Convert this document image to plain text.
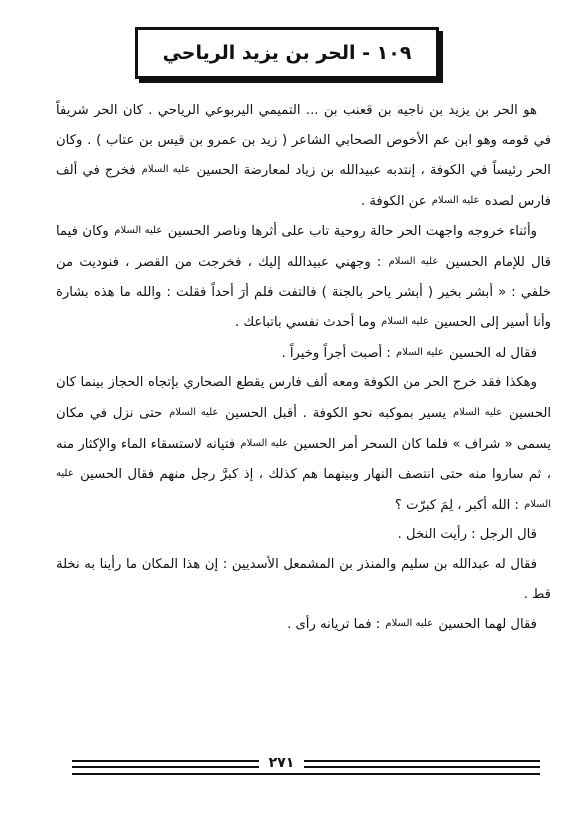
١٠٩ - الحر بن يزيد الرياحي

هو الحر بن يزيد بن ناجيه بن قعنب بن ... التميمي اليربوعي الرياحي . كان الحر شريفاً في قومه وهو ابن عم الأخوص الصحابي الشاعر ( زيد بن عمرو بن قيس بن عتاب ) . وكان الحر رئيساً في الكوفة ، إنتدبه عبيدالله بن زياد لمعارضة الحسين عليه السلام فخرج في ألف فارس لصده عليه السلام عن الكوفة .

وأثناء خروجه واجهت الحر حالة روحية تاب على أثرها وناصر الحسين عليه السلام وكان فيما قال للإمام الحسين عليه السلام : وجهني عبيدالله إليك ، فخرجت من القصر ، فنوديت من خلفي : « أبشر بخير ( أبشر ياحر بالجنة ) فالتفت فلم أرَ أحداً فقلت : والله ما هذه بشارة وأنا أسير إلى الحسين عليه السلام وما أحدث نفسي باتباعك .

فقال له الحسين عليه السلام : أصبت أجراً وخيراً .

وهكذا فقد خرج الحر من الكوفة ومعه ألف فارس يقطع الصحاري بإتجاه الحجاز بينما كان الحسين عليه السلام يسير بموكبه نحو الكوفة . أقبل الحسين عليه السلام حتى نزل في مكان يسمى « شراف » فلما كان السحر أمر الحسين عليه السلام فتيانه لاستسقاء الماء والإكثار منه ، ثم ساروا منه حتى انتصف النهار وبينهما هم كذلك ، إذ كبرَّ رجل منهم فقال الحسين عليه السلام : الله أكبر ، لِمَ كبرّت ؟

قال الرجل : رأيت النخل .

فقال له عبدالله بن سليم والمنذر بن المشمعل الأسديين : إن هذا المكان ما رأينا به نخلة قط .

فقال لهما الحسين عليه السلام : فما تريانه رأى .

٢٧١
